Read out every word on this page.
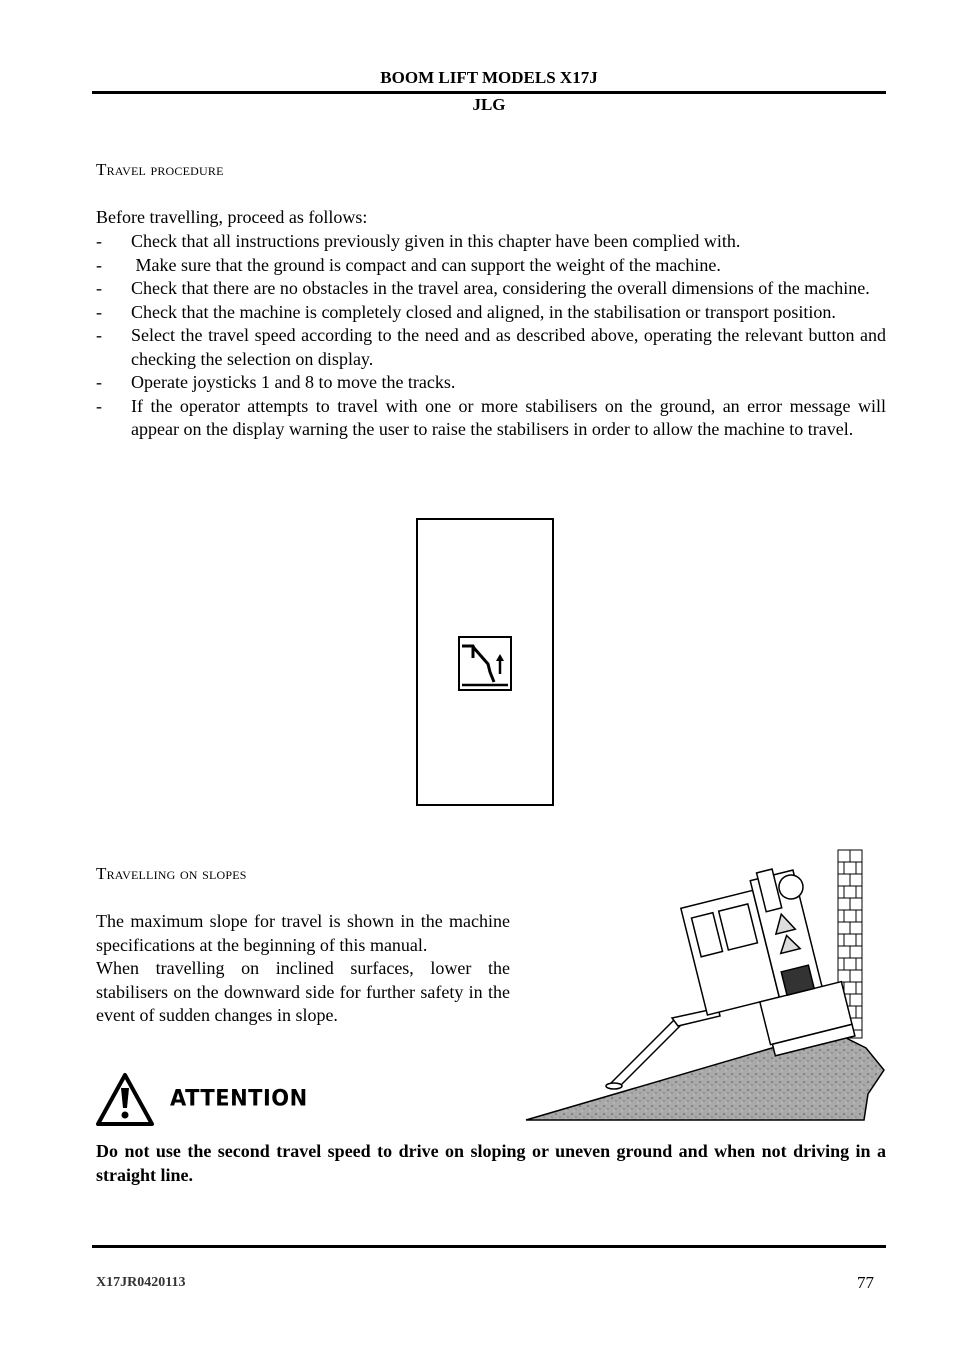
BOOM LIFT MODELS X17J
JLG
Travel procedure
Before travelling, proceed as follows:
- Check that all instructions previously given in this chapter have been complied with.
- Make sure that the ground is compact and can support the weight of the machine.
- Check that there are no obstacles in the travel area, considering the overall dimensions of the machine.
- Check that the machine is completely closed and aligned, in the stabilisation or transport position.
- Select the travel speed according to the need and as described above, operating the relevant button and checking the selection on display.
- Operate joysticks 1 and 8 to move the tracks.
- If the operator attempts to travel with one or more stabilisers on the ground, an error message will appear on the display warning the user to raise the stabilisers in order to allow the machine to travel.
Travelling on slopes

The maximum slope for travel is shown in the machine specifications at the beginning of this manual.

When travelling on inclined surfaces, lower the stabilisers on the downward side for further safety in the event of sudden changes in slope.

ATTENTION
Do not use the second travel speed to drive on sloping or uneven ground and when not driving in a straight line.
X17JR0420113	77
